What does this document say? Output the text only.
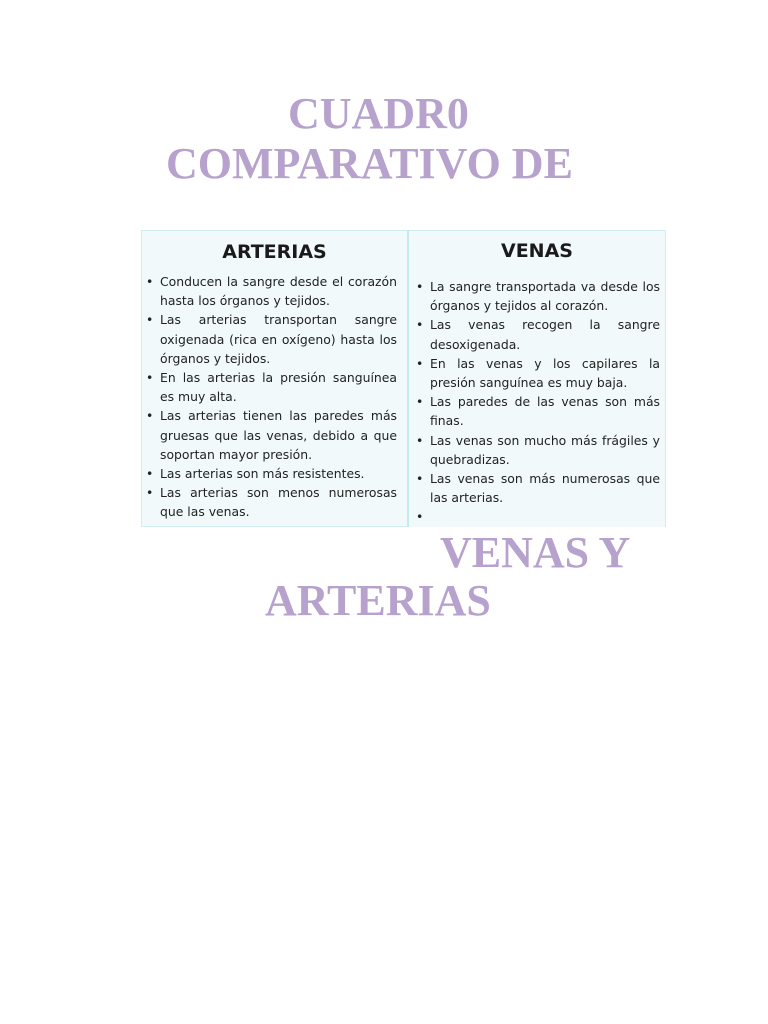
CUADR0
COMPARATIVO DE
ARTERIAS
• Conducen la sangre desde el corazón hasta los órganos y tejidos.
• Las arterias transportan sangre oxigenada (rica en oxígeno) hasta los órganos y tejidos.
• En las arterias la presión sanguínea es muy alta.
• Las arterias tienen las paredes más gruesas que las venas, debido a que soportan mayor presión.
• Las arterias son más resistentes.
• Las arterias son menos numerosas que las venas.
VENAS
• La sangre transportada va desde los órganos y tejidos al corazón.
• Las venas recogen la sangre desoxigenada.
• En las venas y los capilares la presión sanguínea es muy baja.
• Las paredes de las venas son más finas.
• Las venas son mucho más frágiles y quebradizas.
• Las venas son más numerosas que las arterias.
•
VENAS Y
ARTERIAS
